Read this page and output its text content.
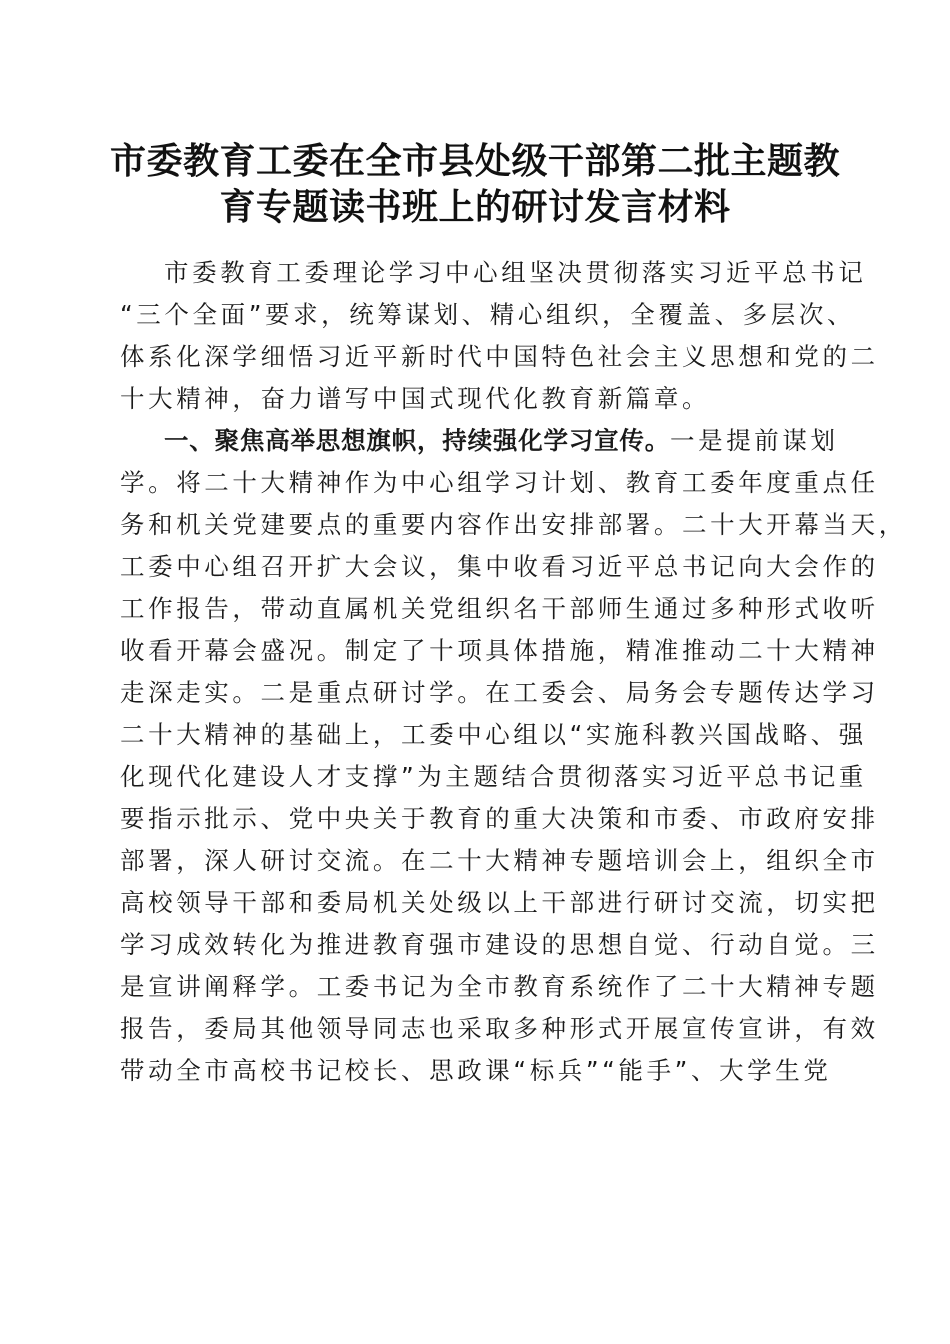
市委教育工委在全市县处级干部第二批主题教
育专题读书班上的研讨发言材料
市委教育工委理论学习中心组坚决贯彻落实习近平总书记
“三个全面”要求，统筹谋划、精心组织，全覆盖、多层次、
体系化深学细悟习近平新时代中国特色社会主义思想和党的二
十大精神，奋力谱写中国式现代化教育新篇章。
一、聚焦高举思想旗帜，持续强化学习宣传。一是提前谋划
学。将二十大精神作为中心组学习计划、教育工委年度重点任
务和机关党建要点的重要内容作出安排部署。二十大开幕当天，
工委中心组召开扩大会议，集中收看习近平总书记向大会作的
工作报告，带动直属机关党组织名干部师生通过多种形式收听
收看开幕会盛况。制定了十项具体措施，精准推动二十大精神
走深走实。二是重点研讨学。在工委会、局务会专题传达学习
二十大精神的基础上，工委中心组以“实施科教兴国战略、强
化现代化建设人才支撑”为主题结合贯彻落实习近平总书记重
要指示批示、党中央关于教育的重大决策和市委、市政府安排
部署，深人研讨交流。在二十大精神专题培训会上，组织全市
高校领导干部和委局机关处级以上干部进行研讨交流，切实把
学习成效转化为推进教育强市建设的思想自觉、行动自觉。三
是宣讲阐释学。工委书记为全市教育系统作了二十大精神专题
报告，委局其他领导同志也采取多种形式开展宣传宣讲，有效
带动全市高校书记校长、思政课“标兵”“能手”、大学生党
